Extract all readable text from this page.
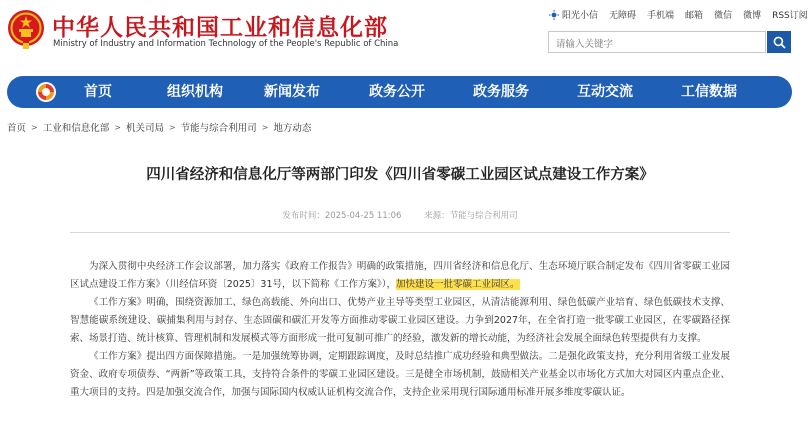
中华人民共和国工业和信息化部
Ministry of Industry and Information Technology of the People's Republic of China
阳光小信 无障碍 手机端 邮箱 微信 微博 RSS订阅
请输入关键字
首页	组织机构	新闻发布	政务公开	政务服务	互动交流	工信数据
首页 > 工业和信息化部 > 机关司局 > 节能与综合利用司 > 地方动态
四川省经济和信息化厅等两部门印发《四川省零碳工业园区试点建设工作方案》
发布时间：2025-04-25 11:06	来源：节能与综合利用司

为深入贯彻中央经济工作会议部署，加力落实《政府工作报告》明确的政策措施，四川省经济和信息化厅、生态环境厅联合制定发布《四川省零碳工业园区试点建设工作方案》（川经信环资〔2025〕31号，以下简称《工作方案》），加快建设一批零碳工业园区。

《工作方案》明确，围绕资源加工、绿色高载能、外向出口、优势产业主导等类型工业园区，从清洁能源利用、绿色低碳产业培育、绿色低碳技术支撑、智慧能碳系统建设、碳捕集利用与封存、生态固碳和碳汇开发等方面推动零碳工业园区建设。力争到2027年，在全省打造一批零碳工业园区，在零碳路径探索、场景打造、统计核算、管理机制和发展模式等方面形成一批可复制可推广的经验，激发新的增长动能，为经济社会发展全面绿色转型提供有力支撑。

《工作方案》提出四方面保障措施。一是加强统筹协调，定期跟踪调度，及时总结推广成功经验和典型做法。二是强化政策支持，充分利用省级工业发展资金、政府专项债券、“两新”等政策工具，支持符合条件的零碳工业园区建设。三是健全市场机制，鼓励相关产业基金以市场化方式加大对园区内重点企业、重大项目的支持。四是加强交流合作，加强与国际国内权威认证机构交流合作，支持企业采用现行国际通用标准开展多维度零碳认证。
